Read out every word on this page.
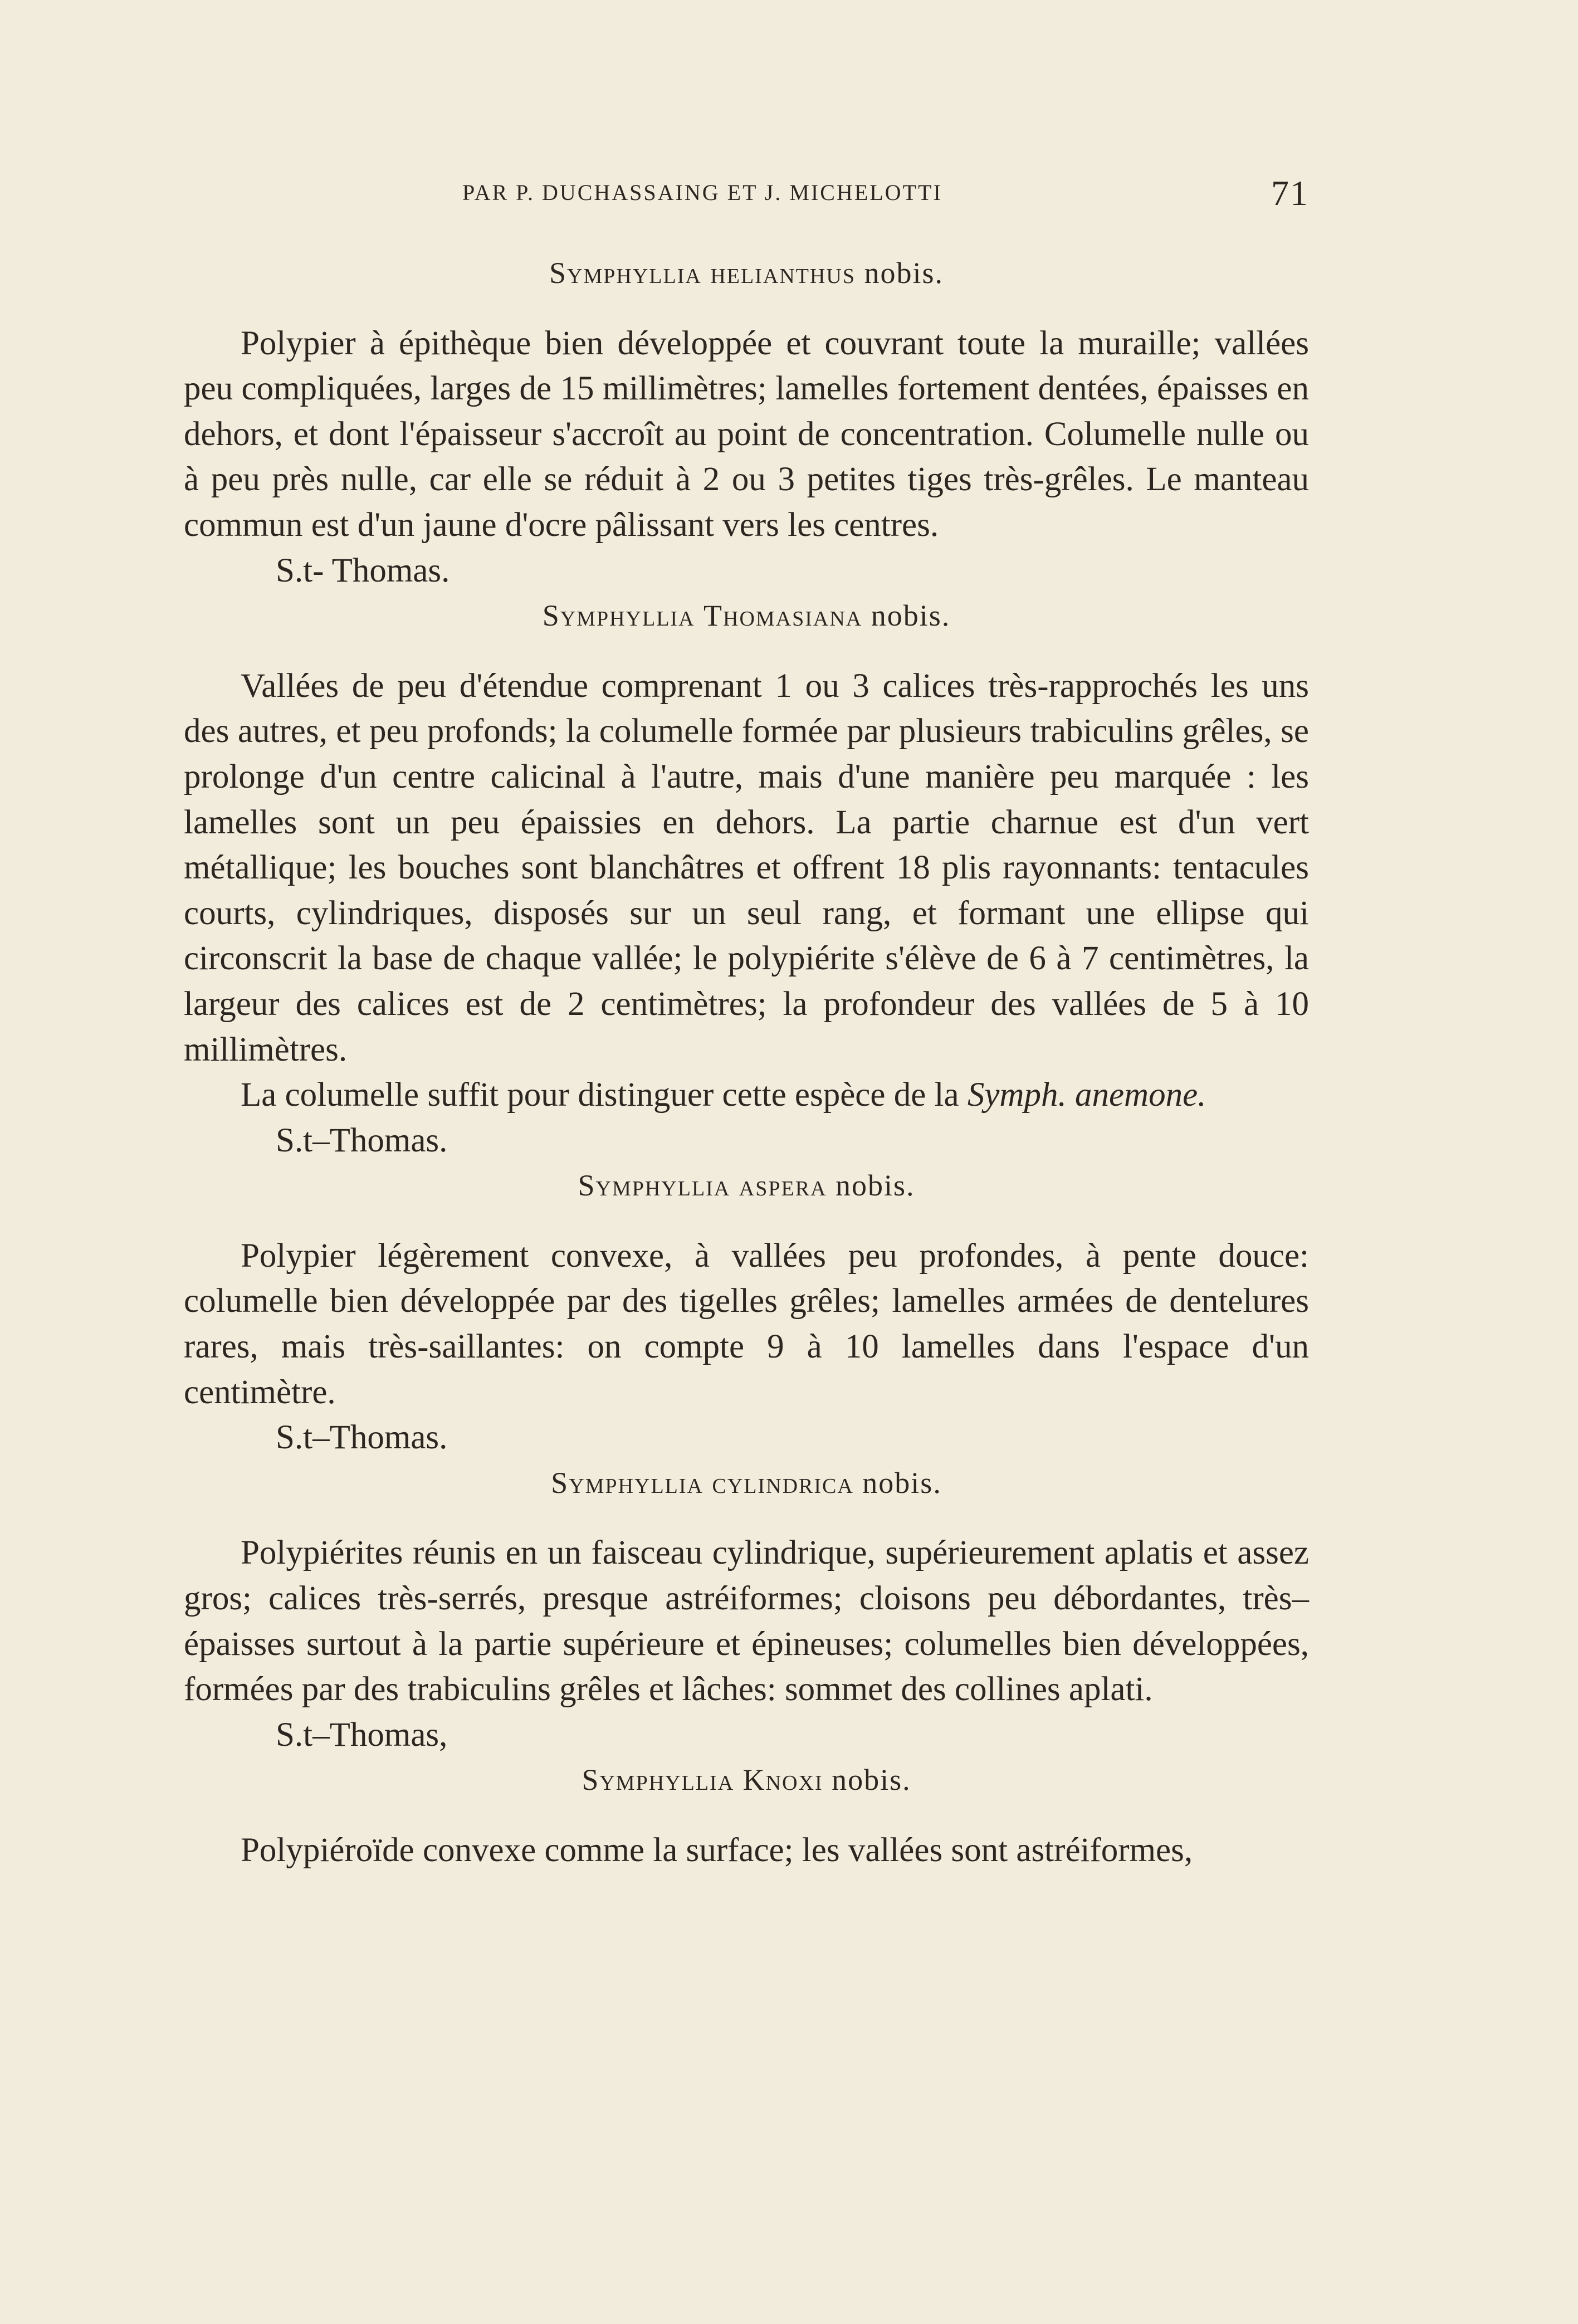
PAR P. DUCHASSAING ET J. MICHELOTTI	71
Symphyllia helianthus nobis.

Polypier à épithèque bien développée et couvrant toute la muraille; vallées peu compliquées, larges de 15 millimètres; lamelles fortement dentées, épaisses en dehors, et dont l'épaisseur s'accroît au point de concentration. Columelle nulle ou à peu près nulle, car elle se réduit à 2 ou 3 petites tiges très-grêles. Le manteau commun est d'un jaune d'ocre pâlissant vers les centres.

S.t- Thomas.

Symphyllia Thomasiana nobis.

Vallées de peu d'étendue comprenant 1 ou 3 calices très-rapprochés les uns des autres, et peu profonds; la columelle formée par plusieurs trabiculins grêles, se prolonge d'un centre calicinal à l'autre, mais d'une manière peu marquée : les lamelles sont un peu épaissies en dehors. La partie charnue est d'un vert métallique; les bouches sont blanchâtres et offrent 18 plis rayonnants: tentacules courts, cylindriques, disposés sur un seul rang, et formant une ellipse qui circonscrit la base de chaque vallée; le polypiérite s'élève de 6 à 7 centimètres, la largeur des calices est de 2 centimètres; la profondeur des vallées de 5 à 10 millimètres.

La columelle suffit pour distinguer cette espèce de la Symph. anemone.

S.t–Thomas.

Symphyllia aspera nobis.

Polypier légèrement convexe, à vallées peu profondes, à pente douce: columelle bien développée par des tigelles grêles; lamelles armées de dentelures rares, mais très-saillantes: on compte 9 à 10 lamelles dans l'espace d'un centimètre.

S.t–Thomas.

Symphyllia cylindrica nobis.

Polypiérites réunis en un faisceau cylindrique, supérieurement aplatis et assez gros; calices très-serrés, presque astréiformes; cloisons peu débordantes, très–épaisses surtout à la partie supérieure et épineuses; columelles bien développées, formées par des trabiculins grêles et lâches: sommet des collines aplati.

S.t–Thomas,

Symphyllia Knoxi nobis.

Polypiéroïde convexe comme la surface; les vallées sont astréiformes,
